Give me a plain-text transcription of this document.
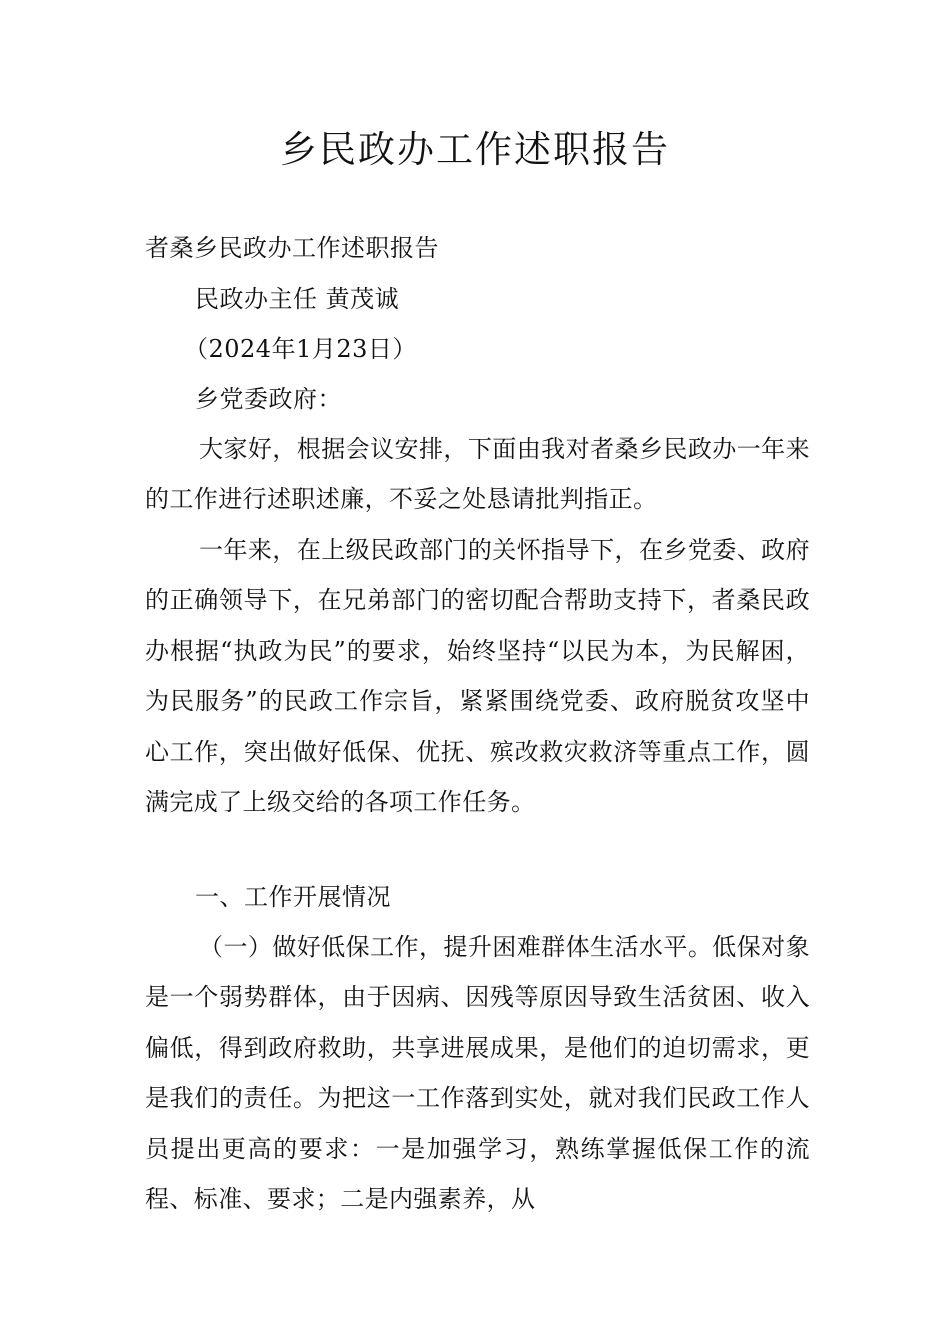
乡民政办工作述职报告
者桑乡民政办工作述职报告
民政办主任 黄茂诚
（2024年1月23日）
乡党委政府：
大家好，根据会议安排，下面由我对者桑乡民政办一年来的工作进行述职述廉，不妥之处恳请批判指正。
一年来，在上级民政部门的关怀指导下，在乡党委、政府的正确领导下，在兄弟部门的密切配合帮助支持下，者桑民政办根据“执政为民”的要求，始终坚持“以民为本，为民解困，为民服务”的民政工作宗旨，紧紧围绕党委、政府脱贫攻坚中心工作，突出做好低保、优抚、殡改救灾救济等重点工作，圆满完成了上级交给的各项工作任务。
一、工作开展情况
（一）做好低保工作，提升困难群体生活水平。低保对象是一个弱势群体，由于因病、因残等原因导致生活贫困、收入偏低，得到政府救助，共享进展成果，是他们的迫切需求，更是我们的责任。为把这一工作落到实处，就对我们民政工作人员提出更高的要求：一是加强学习，熟练掌握低保工作的流程、标准、要求；二是内强素养，从
